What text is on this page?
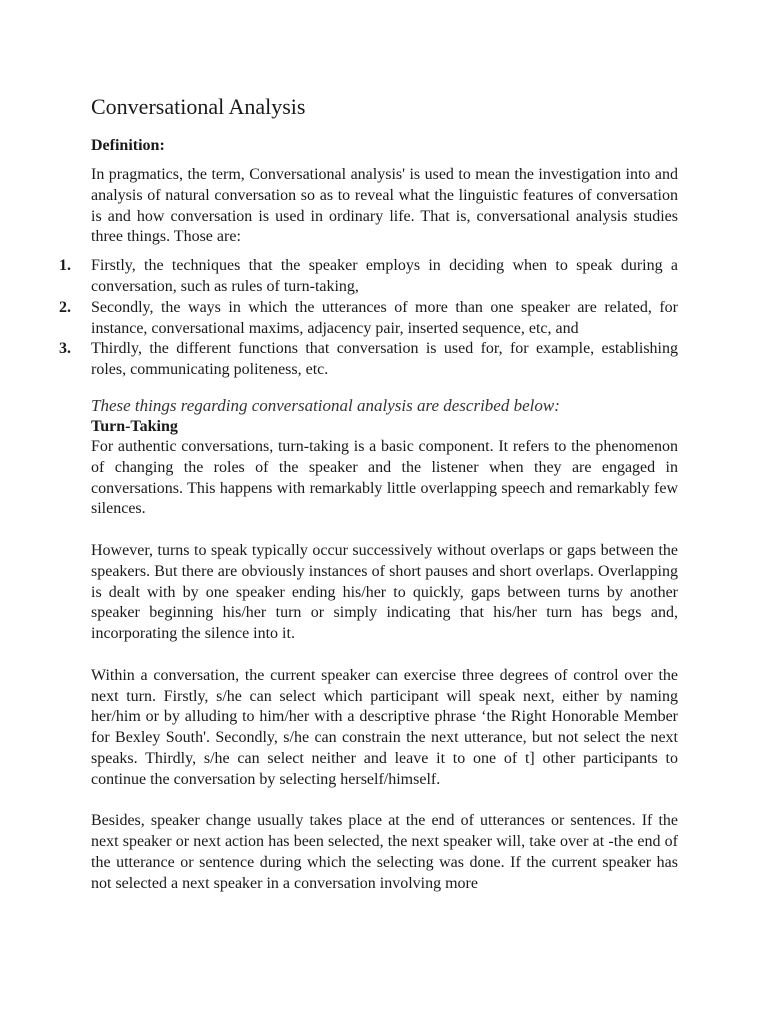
Conversational Analysis
Definition:

In pragmatics, the term, Conversational analysis' is used to mean the investigation into and analysis of natural conversation so as to reveal what the linguistic features of conversation is and how conversation is used in ordinary life. That is, conversational analysis studies three things. Those are:

1.	Firstly, the techniques that the speaker employs in deciding when to speak during a conversation, such as rules of turn-taking,
2.	Secondly, the ways in which the utterances of more than one speaker are related, for instance, conversational maxims, adjacency pair, inserted sequence, etc, and
3.	Thirdly, the different functions that conversation is used for, for example, establishing roles, communicating politeness, etc.

These things regarding conversational analysis are described below:

Turn-Taking

For authentic conversations, turn-taking is a basic component. It refers to the phenomenon of changing the roles of the speaker and the listener when they are engaged in conversations. This happens with remarkably little overlapping speech and remarkably few silences.

However, turns to speak typically occur successively without overlaps or gaps between the speakers. But there are obviously instances of short pauses and short overlaps. Overlapping is dealt with by one speaker ending his/her to quickly, gaps between turns by another speaker beginning his/her turn or simply indicating that his/her turn has begs and, incorporating the silence into it.

Within a conversation, the current speaker can exercise three degrees of control over the next turn. Firstly, s/he can select which participant will speak next, either by naming her/him or by alluding to him/her with a descriptive phrase ‘the Right Honorable Member for Bexley South'. Secondly, s/he can constrain the next utterance, but not select the next speaks. Thirdly, s/he can select neither and leave it to one of t] other participants to continue the conversation by selecting herself/himself.

Besides, speaker change usually takes place at the end of utterances or sentences. If the next speaker or next action has been selected, the next speaker will, take over at -the end of the utterance or sentence during which the selecting was done. If the current speaker has not selected a next speaker in a conversation involving more
